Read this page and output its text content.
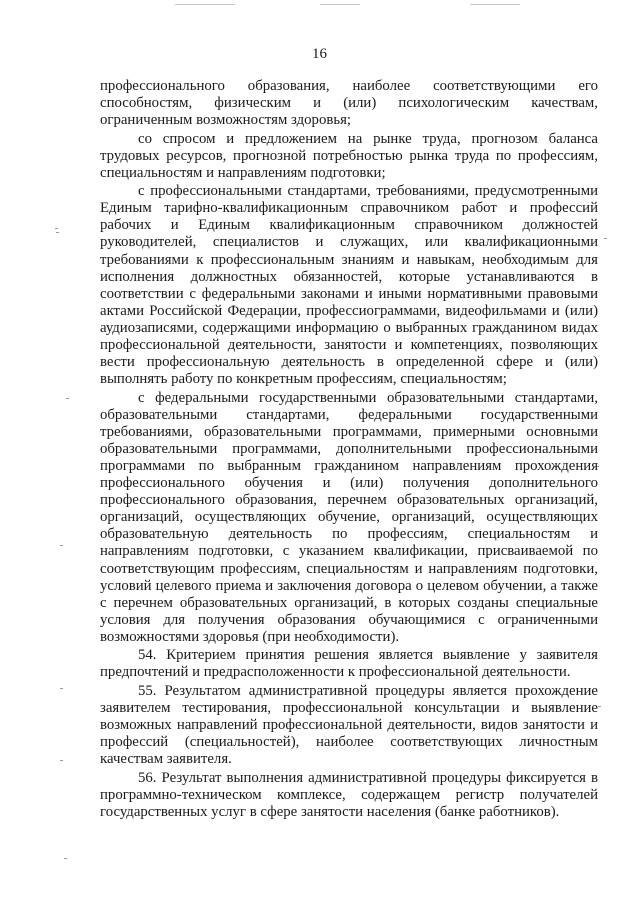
16

профессионального образования, наиболее соответствующими его способностям, физическим и (или) психологическим качествам, ограниченным возможностям здоровья;

со спросом и предложением на рынке труда, прогнозом баланса трудовых ресурсов, прогнозной потребностью рынка труда по профессиям, специальностям и направлениям подготовки;

с профессиональными стандартами, требованиями, предусмотренными Единым тарифно-квалификационным справочником работ и профессий рабочих и Единым квалификационным справочником должностей руководителей, специалистов и служащих, или квалификационными требованиями к профессиональным знаниям и навыкам, необходимым для исполнения должностных обязанностей, которые устанавливаются в соответствии с федеральными законами и иными нормативными правовыми актами Российской Федерации, профессиограммами, видеофильмами и (или) аудиозаписями, содержащими информацию о выбранных гражданином видах профессиональной деятельности, занятости и компетенциях, позволяющих вести профессиональную деятельность в определенной сфере и (или) выполнять работу по конкретным профессиям, специальностям;

с федеральными государственными образовательными стандартами, образовательными стандартами, федеральными государственными требованиями, образовательными программами, примерными основными образовательными программами, дополнительными профессиональными программами по выбранным гражданином направлениям прохождения профессионального обучения и (или) получения дополнительного профессионального образования, перечнем образовательных организаций, организаций, осуществляющих обучение, организаций, осуществляющих образовательную деятельность по профессиям, специальностям и направлениям подготовки, с указанием квалификации, присваиваемой по соответствующим профессиям, специальностям и направлениям подготовки, условий целевого приема и заключения договора о целевом обучении, а также с перечнем образовательных организаций, в которых созданы специальные условия для получения образования обучающимися с ограниченными возможностями здоровья (при необходимости).

54. Критерием принятия решения является выявление у заявителя предпочтений и предрасположенности к профессиональной деятельности.

55. Результатом административной процедуры является прохождение заявителем тестирования, профессиональной консультации и выявление возможных направлений профессиональной деятельности, видов занятости и профессий (специальностей), наиболее соответствующих личностным качествам заявителя.

56. Результат выполнения административной процедуры фиксируется в программно-техническом комплексе, содержащем регистр получателей государственных услуг в сфере занятости населения (банке работников).
